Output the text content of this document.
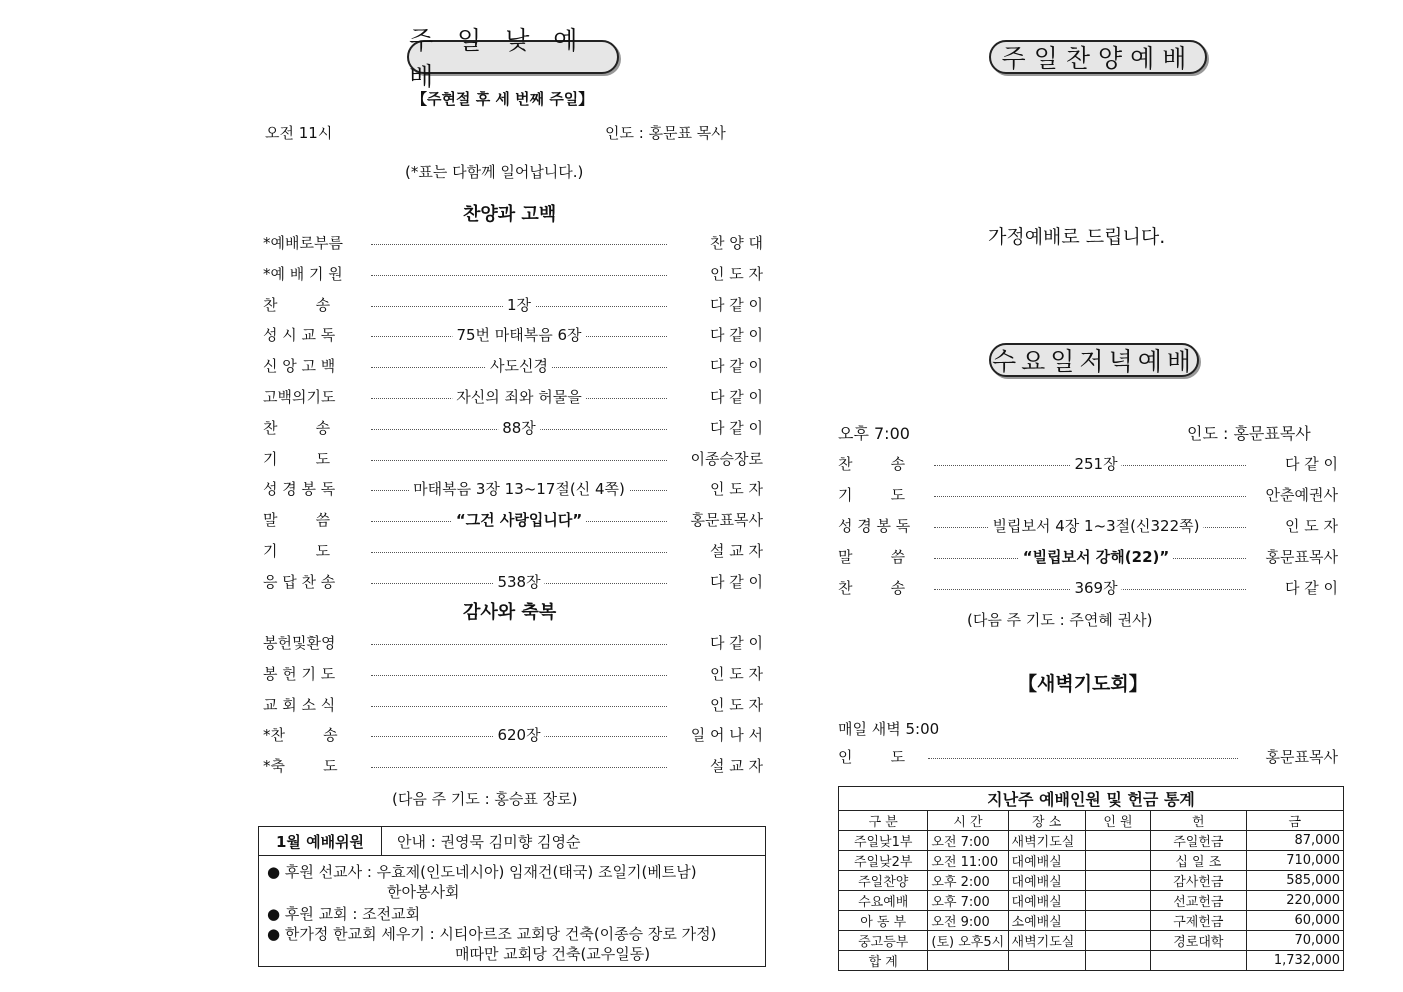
주 일 낮 예 배
【주현절 후 세 번째 주일】
오전 11시	인도 : 홍문표 목사
(*표는 다함께 일어납니다.)
찬양과 고백
*예배로부름	찬 양 대
*예 배 기 원	인 도 자
찬        송	1장	다 같 이
성 시 교 독	75번 마태복음 6장	다 같 이
신 앙 고 백	사도신경	다 같 이
고백의기도	자신의 죄와 허물을	다 같 이
찬        송	88장	다 같 이
기        도	이종승장로
성 경 봉 독	마태복음 3장 13~17절(신 4쪽)	인 도 자
말        씀	“그건 사랑입니다”	홍문표목사
기        도	설 교 자
응 답 찬 송	538장	다 같 이
감사와 축복
봉헌및환영	다 같 이
봉 헌 기 도	인 도 자
교 회 소 식	인 도 자
*찬        송	620장	일 어 나 서
*축        도	설 교 자
(다음 주 기도 : 홍승표 장로)
1월 예배위원	안내 : 권영묵 김미향 김영순
● 후원 선교사 : 우효제(인도네시아) 임재건(태국) 조일기(베트남)
한아봉사회
● 후원 교회 : 조전교회
● 한가정 한교회 세우기 : 시티아르조 교회당 건축(이종승 장로 가정)
매따만 교회당 건축(교우일동)
주일찬양예배
가정예배로 드립니다.
수요일저녁예배
오후 7:00	인도 : 홍문표목사
찬        송	251장	다 같 이
기        도	안춘예권사
성 경 봉 독	빌립보서 4장 1~3절(신322쪽)	인 도 자
말        씀	“빌립보서 강해(22)”	홍문표목사
찬        송	369장	다 같 이
(다음 주 기도 : 주연혜 권사)
【새벽기도회】
매일 새벽 5:00
인        도	홍문표목사
지난주 예배인원 및 헌금 통계					
구 분	시 간	장 소	인 원	헌	금
주일낮1부	오전 7:00	새벽기도실		주일헌금	87,000
주일낮2부	오전 11:00	대예배실		십 일 조	710,000
주일찬양	오후 2:00	대예배실		감사헌금	585,000
수요예배	오후 7:00	대예배실		선교헌금	220,000
아 동 부	오전 9:00	소예배실		구제헌금	60,000
중고등부	(토) 오후5시	새벽기도실		경로대학	70,000
합 계					1,732,000
